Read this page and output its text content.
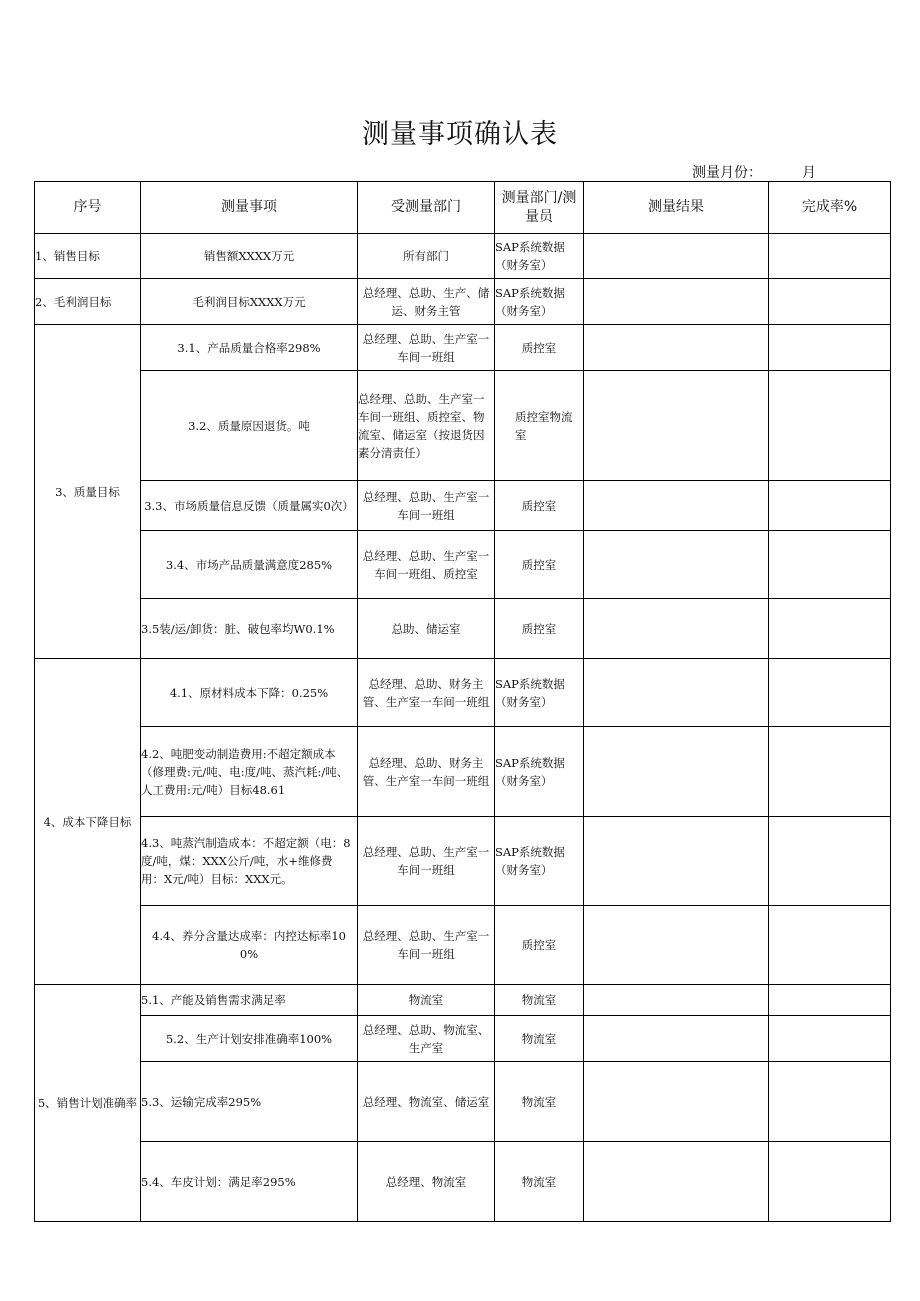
测量事项确认表
测量月份：	月
序号	测量事项	受测量部门	测量部门/测量员	测量结果	完成率%
1、销售目标	销售额XXXX万元	所有部门	SAP系统数据（财务室）		
2、毛利润目标	毛利润目标XXXX万元	总经理、总助、生产、储运、财务主管	SAP系统数据（财务室）		
3、质量目标	3.1、产品质量合格率298%	总经理、总助、生产室一车间一班组	质控室		
	3.2、质量原因退货。吨	总经理、总助、生产室一车间一班组、质控室、物流室、储运室（按退货因素分清责任）	质控室物流室		
	3.3、市场质量信息反馈（质量属实0次）	总经理、总助、生产室一车间一班组	质控室		
	3.4、市场产品质量满意度285%	总经理、总助、生产室一车间一班组、质控室	质控室		
	3.5装/运/卸货：脏、破包率均W0.1%	总助、储运室	质控室		
4、成本下降目标	4.1、原材料成本下降：0.25%	总经理、总助、财务主管、生产室一车间一班组	SAP系统数据（财务室）		
	4.2、吨肥变动制造费用:不超定额成本（修理费:元/吨、电:度/吨、蒸汽耗:/吨、人工费用:元/吨）目标48.61	总经理、总助、财务主管、生产室一车间一班组	SAP系统数据（财务室）		
	4.3、吨蒸汽制造成本：不超定额（电：8度/吨，煤：XXX公斤/吨，水+维修费用：X元/吨）目标：XXX元。	总经理、总助、生产室一车间一班组	SAP系统数据（财务室）		
	4.4、养分含量达成率：内控达标率100%	总经理、总助、生产室一车间一班组	质控室		
5、销售计划准确率	5.1、产能及销售需求满足率	物流室	物流室		
	5.2、生产计划安排准确率100%	总经理、总助、物流室、生产室	物流室		
	5.3、运输完成率295%	总经理、物流室、储运室	物流室		
	5.4、车皮计划：满足率295%	总经理、物流室	物流室		
